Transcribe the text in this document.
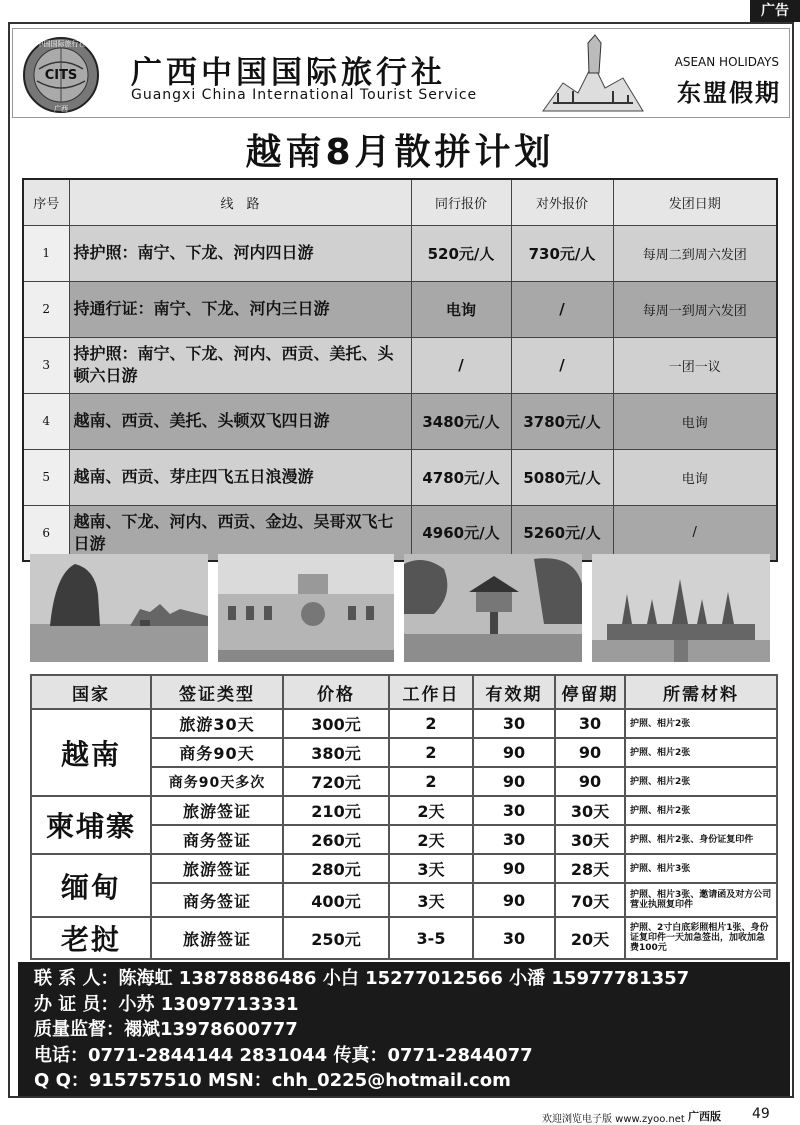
广告
CITS
中国国际旅行社
广西
广西中国国际旅行社
Guangxi China International Tourist Service
ASEAN HOLIDAYS
东盟假期
越南8月散拼计划
序号	线　路	同行报价	对外报价	发团日期
1	持护照：南宁、下龙、河内四日游	520元/人	730元/人	每周二到周六发团
2	持通行证：南宁、下龙、河内三日游	电询	/	每周一到周六发团
3	持护照：南宁、下龙、河内、西贡、美托、头顿六日游	/	/	一团一议
4	越南、西贡、美托、头顿双飞四日游	3480元/人	3780元/人	电询
5	越南、西贡、芽庄四飞五日浪漫游	4780元/人	5080元/人	电询
6	越南、下龙、河内、西贡、金边、吴哥双飞七日游	4960元/人	5260元/人	/
国家	签证类型	价格	工作日	有效期	停留期	所需材料
越南	旅游30天	300元	2	30	30	护照、相片2张
	商务90天	380元	2	90	90	护照、相片2张
	商务90天多次	720元	2	90	90	护照、相片2张
柬埔寨	旅游签证	210元	2天	30	30天	护照、相片2张
	商务签证	260元	2天	30	30天	护照、相片2张、身份证复印件
缅甸	旅游签证	280元	3天	90	28天	护照、相片3张
	商务签证	400元	3天	90	70天	护照、相片3张、邀请函及对方公司营业执照复印件
老挝	旅游签证	250元	3-5	30	20天	护照、2寸白底彩照相片1张、身份证复印件一天加急签出，加收加急费100元
联 系 人：陈海虹 13878886486 小白 15277012566 小潘 15977781357
办 证 员：小苏 13097713331
质量监督：禤斌13978600777
电话：0771-2844144 2831044 传真：0771-2844077
Q Q：915757510 MSN：chh_0225@hotmail.com
欢迎浏览电子版 www.zyoo.net 广西版 49
